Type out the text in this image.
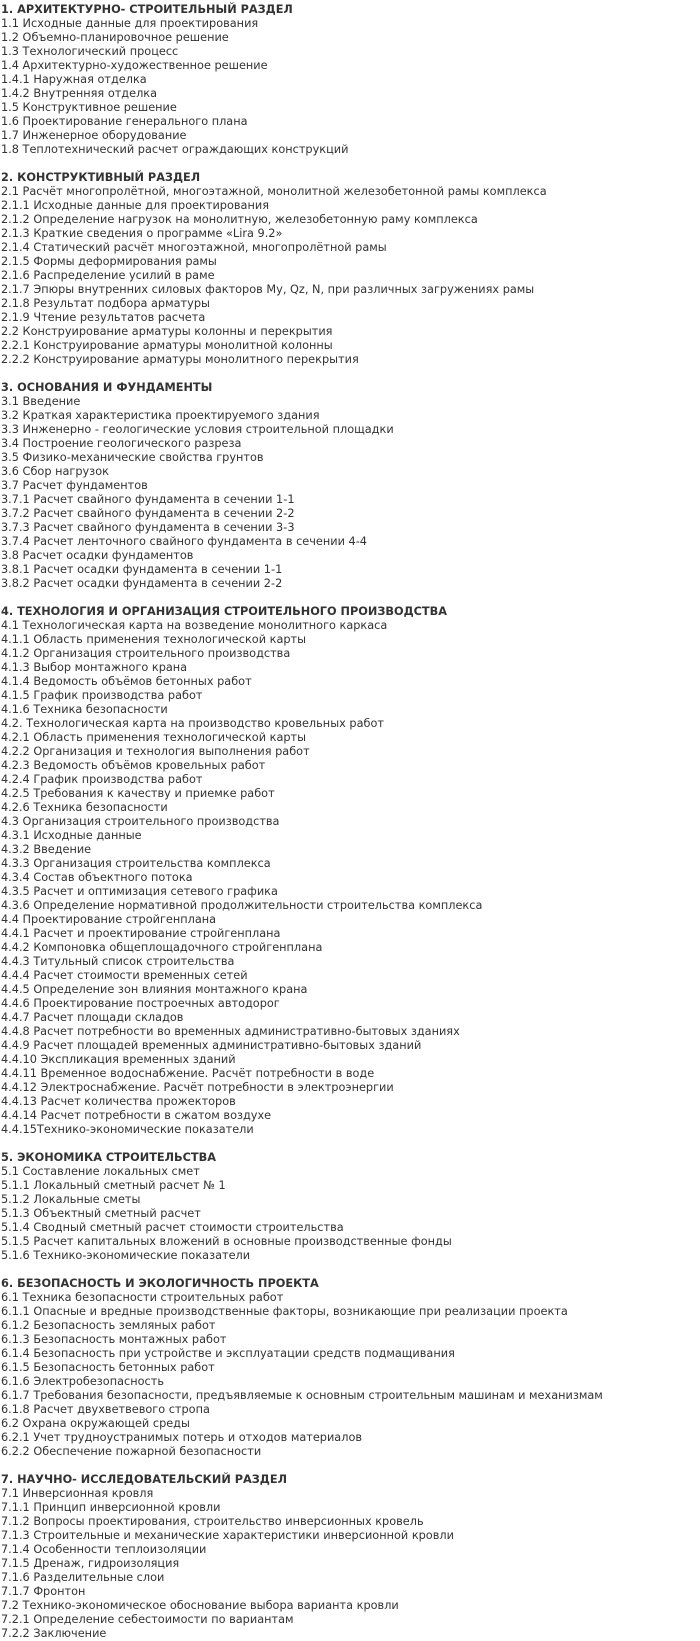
1. АРХИТЕКТУРНО- СТРОИТЕЛЬНЫЙ РАЗДЕЛ
1.1 Исходные данные для проектирования
1.2 Объемно-планировочное решение
1.3 Технологический процесс
1.4 Архитектурно-художественное решение
1.4.1 Наружная отделка
1.4.2 Внутренняя отделка
1.5 Конструктивное решение
1.6 Проектирование генерального плана
1.7 Инженерное оборудование
1.8 Теплотехнический расчет ограждающих конструкций
2. КОНСТРУКТИВНЫЙ РАЗДЕЛ
2.1 Расчёт многопролётной, многоэтажной, монолитной железобетонной рамы комплекса
2.1.1 Исходные данные для проектирования
2.1.2 Определение нагрузок на монолитную, железобетонную раму комплекса
2.1.3 Краткие сведения о программе «Lira 9.2»
2.1.4 Статический расчёт многоэтажной, многопролётной рамы
2.1.5 Формы деформирования рамы
2.1.6 Распределение усилий в раме
2.1.7 Эпюры внутренних силовых факторов My, Qz, N, при различных загружениях рамы
2.1.8 Результат подбора арматуры
2.1.9 Чтение результатов расчета
2.2 Конструирование арматуры колонны и перекрытия
2.2.1 Конструирование арматуры монолитной колонны
2.2.2 Конструирование арматуры монолитного перекрытия
3. ОСНОВАНИЯ И ФУНДАМЕНТЫ
3.1 Введение
3.2 Краткая характеристика проектируемого здания
3.3 Инженерно - геологические условия строительной площадки
3.4 Построение геологического разреза
3.5 Физико-механические свойства грунтов
3.6 Сбор нагрузок
3.7 Расчет фундаментов
3.7.1 Расчет свайного фундамента в сечении 1-1
3.7.2 Расчет свайного фундамента в сечении 2-2
3.7.3 Расчет свайного фундамента в сечении 3-3
3.7.4 Расчет ленточного свайного фундамента в сечении 4-4
3.8 Расчет осадки фундаментов
3.8.1 Расчет осадки фундамента в сечении 1-1
3.8.2 Расчет осадки фундамента в сечении 2-2
4. ТЕХНОЛОГИЯ И ОРГАНИЗАЦИЯ СТРОИТЕЛЬНОГО ПРОИЗВОДСТВА
4.1 Технологическая карта на возведение монолитного каркаса
4.1.1 Область применения технологической карты
4.1.2 Организация строительного производства
4.1.3 Выбор монтажного крана
4.1.4 Ведомость объёмов бетонных работ
4.1.5 График производства работ
4.1.6 Техника безопасности
4.2. Технологическая карта на производство кровельных работ
4.2.1 Область применения технологической карты
4.2.2 Организация и технология выполнения работ
4.2.3 Ведомость объёмов кровельных работ
4.2.4 График производства работ
4.2.5 Требования к качеству и приемке работ
4.2.6 Техника безопасности
4.3 Организация строительного производства
4.3.1 Исходные данные
4.3.2 Введение
4.3.3 Организация строительства комплекса
4.3.4 Состав объектного потока
4.3.5 Расчет и оптимизация сетевого графика
4.3.6 Определение нормативной продолжительности строительства комплекса
4.4 Проектирование стройгенплана
4.4.1 Расчет и проектирование стройгенплана
4.4.2 Компоновка общеплощадочного стройгенплана
4.4.3 Титульный список строительства
4.4.4 Расчет стоимости временных сетей
4.4.5 Определение зон влияния монтажного крана
4.4.6 Проектирование построечных автодорог
4.4.7 Расчет площади складов
4.4.8 Расчет потребности во временных административно-бытовых зданиях
4.4.9 Расчет площадей временных административно-бытовых зданий
4.4.10 Экспликация временных зданий
4.4.11 Временное водоснабжение. Расчёт потребности в воде
4.4.12 Электроснабжение. Расчёт потребности в электроэнергии
4.4.13 Расчет количества прожекторов
4.4.14 Расчет потребности в сжатом воздухе
4.4.15Технико-экономические показатели
5. ЭКОНОМИКА СТРОИТЕЛЬСТВА
5.1 Составление локальных смет
5.1.1 Локальный сметный расчет № 1
5.1.2 Локальные сметы
5.1.3 Объектный сметный расчет
5.1.4 Сводный сметный расчет стоимости строительства
5.1.5 Расчет капитальных вложений в основные производственные фонды
5.1.6 Технико-экономические показатели
6. БЕЗОПАСНОСТЬ И ЭКОЛОГИЧНОСТЬ ПРОЕКТА
6.1 Техника безопасности строительных работ
6.1.1 Опасные и вредные производственные факторы, возникающие при реализации проекта
6.1.2 Безопасность земляных работ
6.1.3 Безопасность монтажных работ
6.1.4 Безопасность при устройстве и эксплуатации средств подмащивания
6.1.5 Безопасность бетонных работ
6.1.6 Электробезопасность
6.1.7 Требования безопасности, предъявляемые к основным строительным машинам и механизмам
6.1.8 Расчет двухветвевого стропа
6.2 Охрана окружающей среды
6.2.1 Учет трудноустранимых потерь и отходов материалов
6.2.2 Обеспечение пожарной безопасности
7. НАУЧНО- ИССЛЕДОВАТЕЛЬСКИЙ РАЗДЕЛ
7.1 Инверсионная кровля
7.1.1 Принцип инверсионной кровли
7.1.2 Вопросы проектирования, строительство инверсионных кровель
7.1.3 Строительные и механические характеристики инверсионной кровли
7.1.4 Особенности теплоизоляции
7.1.5 Дренаж, гидроизоляция
7.1.6 Разделительные слои
7.1.7 Фронтон
7.2 Технико-экономическое обоснование выбора варианта кровли
7.2.1 Определение себестоимости по вариантам
7.2.2 Заключение
